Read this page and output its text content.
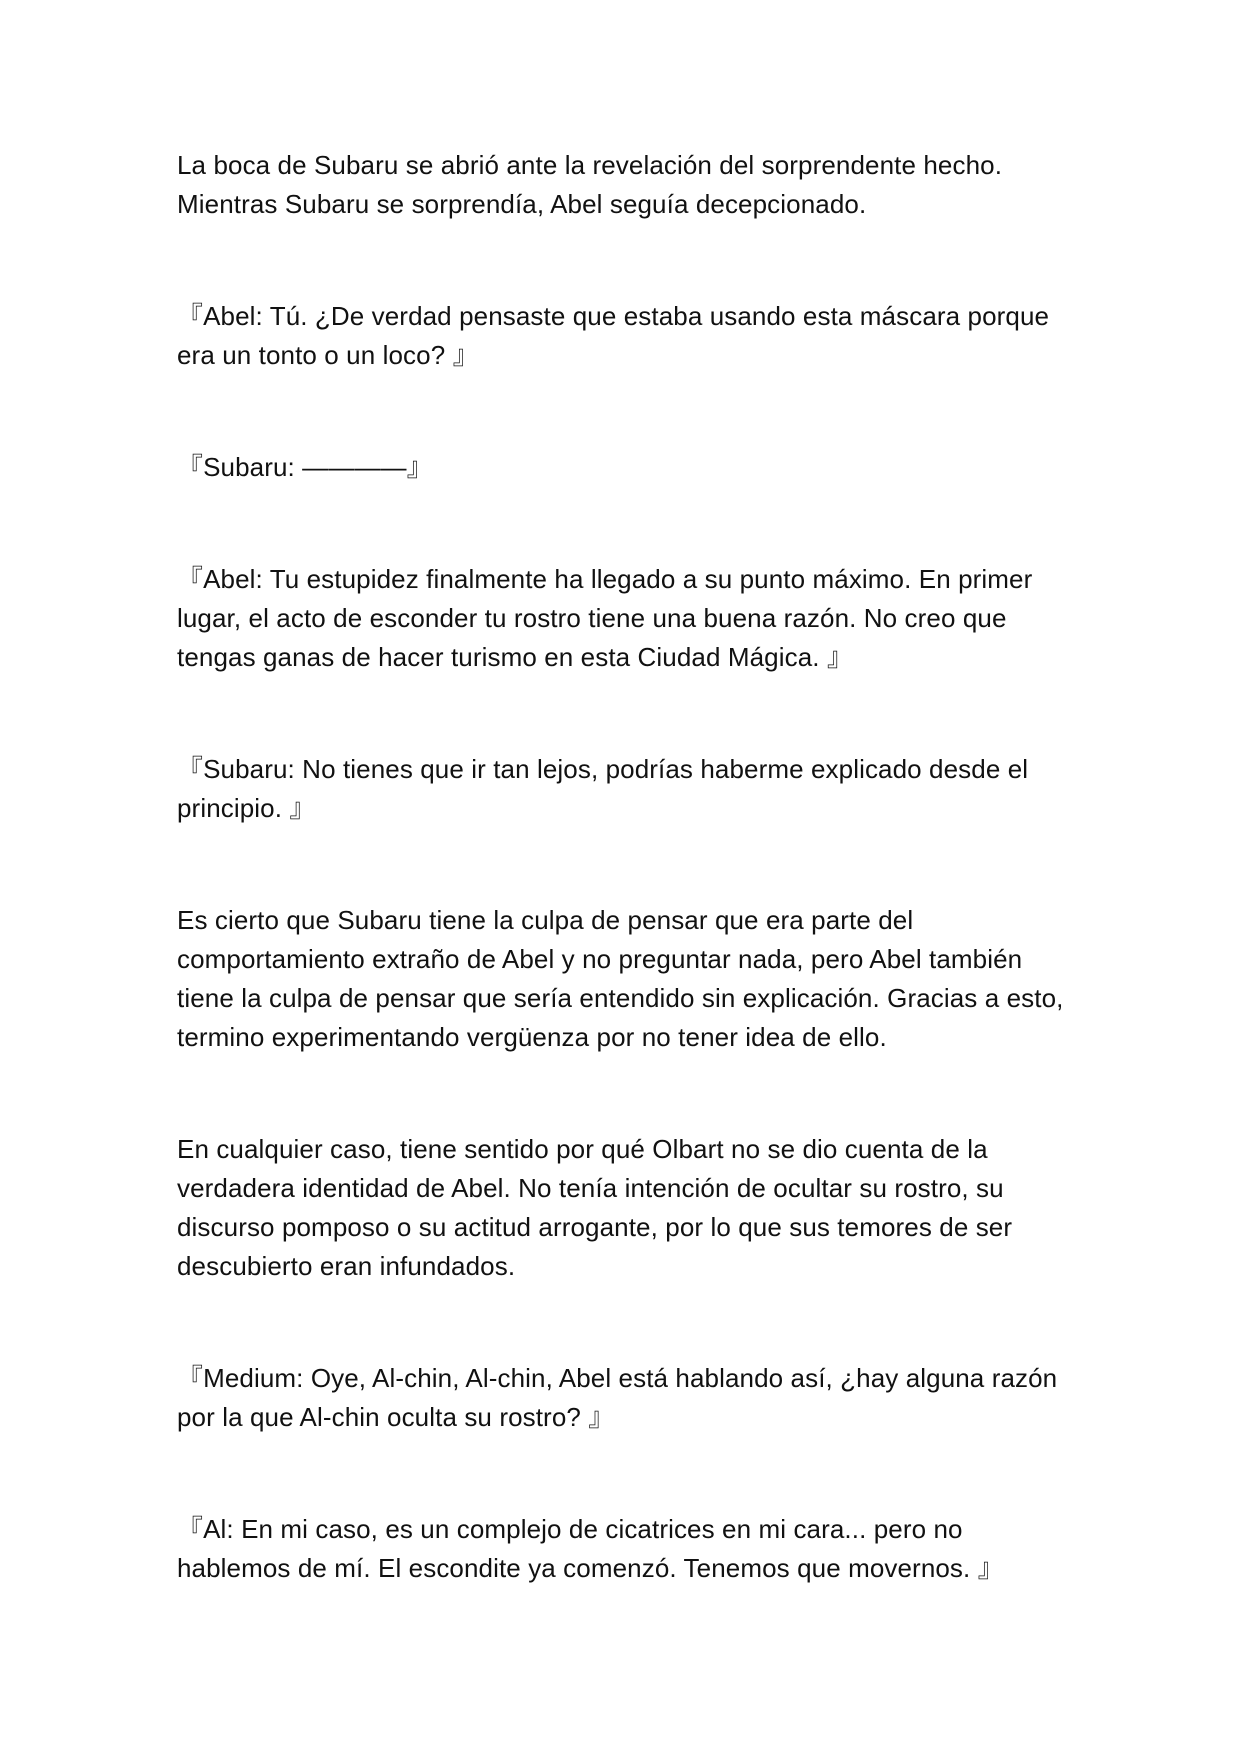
La boca de Subaru se abrió ante la revelación del sorprendente hecho. Mientras Subaru se sorprendía, Abel seguía decepcionado.

『Abel: Tú. ¿De verdad pensaste que estaba usando esta máscara porque era un tonto o un loco? 』

『Subaru: ————』

『Abel: Tu estupidez finalmente ha llegado a su punto máximo. En primer lugar, el acto de esconder tu rostro tiene una buena razón. No creo que tengas ganas de hacer turismo en esta Ciudad Mágica. 』

『Subaru: No tienes que ir tan lejos, podrías haberme explicado desde el principio. 』

Es cierto que Subaru tiene la culpa de pensar que era parte del comportamiento extraño de Abel y no preguntar nada, pero Abel también tiene la culpa de pensar que sería entendido sin explicación. Gracias a esto, termino experimentando vergüenza por no tener idea de ello.

En cualquier caso, tiene sentido por qué Olbart no se dio cuenta de la verdadera identidad de Abel. No tenía intención de ocultar su rostro, su discurso pomposo o su actitud arrogante, por lo que sus temores de ser descubierto eran infundados.

『Medium: Oye, Al-chin, Al-chin, Abel está hablando así, ¿hay alguna razón por la que Al-chin oculta su rostro? 』

『Al: En mi caso, es un complejo de cicatrices en mi cara... pero no hablemos de mí. El escondite ya comenzó. Tenemos que movernos. 』
